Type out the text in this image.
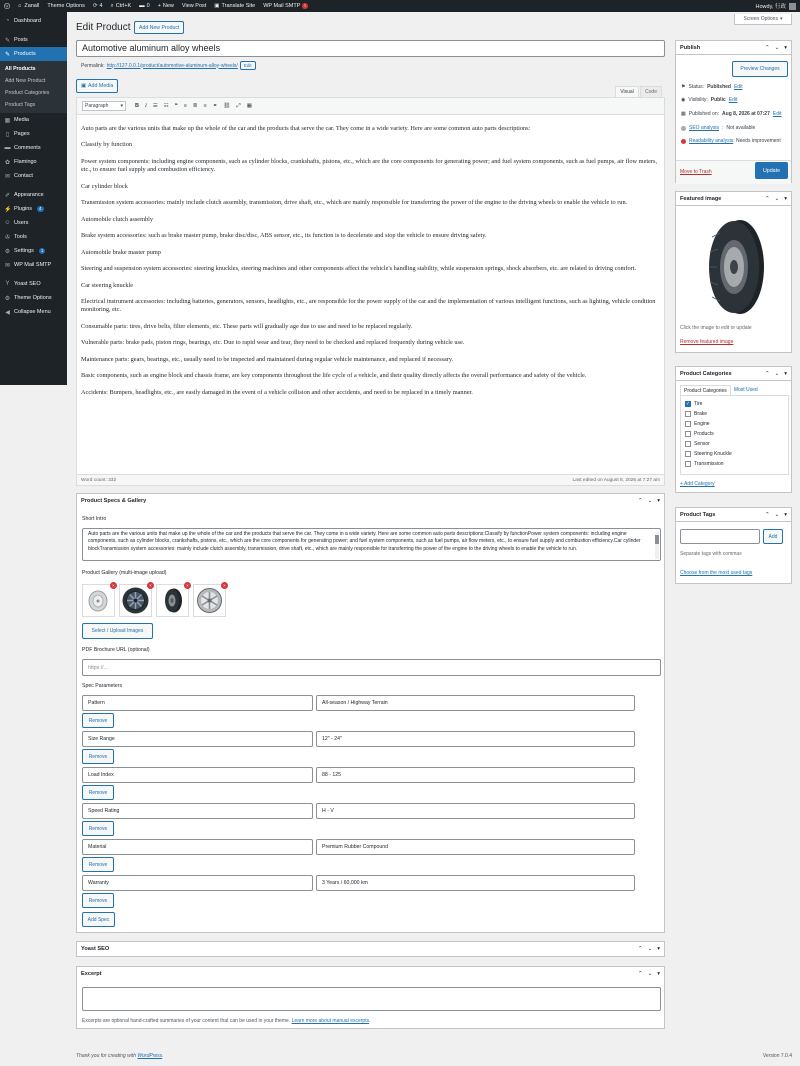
W ⌂ Zanall	Theme Options	⟳ 4 ⌕ Ctrl+K ▬ 0 + New	View Post	▣ Translate Site WP Mail SMTP !	Howdy, 行政
◔ Dashboard
✎ Posts
✎ Products
All Products
Add New Product
Product Categories
Product Tags
▦ Media
▯ Pages
▬ Comments
✿ Flamingo
✉ Contact
✐ Appearance
⚡ Plugins	4
☺ Users
✇ Tools
⚙ Settings	1
✉ WP Mail SMTP
Y Yoast SEO
⚙ Theme Options
◀ Collapse Menu
Screen Options ▾
Edit Product	Add New Product
Automotive aluminum alloy wheels
Permalink: http://127.0.0.1/product/automotive-aluminum-alloy-wheels/	Edit
▣ Add Media
Visual	Code
Paragraph ▾ B I ☰ ☷ ❝ ≡ ≣ ≡ ⚭ ⛓ ⤢ ▦

Auto parts are the various units that make up the whole of the car and the products that serve the car. They come in a wide variety. Here are some common auto parts descriptions:

Classify by function

Power system components: including engine components, such as cylinder blocks, crankshafts, pistons, etc., which are the core components for generating power; and fuel system components, such as fuel pumps, air flow meters, etc., to ensure fuel supply and combustion efficiency.

Car cylinder block

Transmission system accessories: mainly include clutch assembly, transmission, drive shaft, etc., which are mainly responsible for transferring the power of the engine to the driving wheels to enable the vehicle to run.

Automobile clutch assembly

Brake system accessories: such as brake master pump, brake disc/disc, ABS sensor, etc., its function is to decelerate and stop the vehicle to ensure driving safety.

Automobile brake master pump

Steering and suspension system accessories: steering knuckles, steering machines and other components affect the vehicle's handling stability, while suspension springs, shock absorbers, etc. are related to driving comfort.

Car steering knuckle

Electrical instrument accessories: including batteries, generators, sensors, headlights, etc., are responsible for the power supply of the car and the implementation of various intelligent functions, such as lighting, vehicle condition monitoring, etc.

Consumable parts: tires, drive belts, filter elements, etc. These parts will gradually age due to use and need to be replaced regularly.

Vulnerable parts: brake pads, piston rings, bearings, etc. Due to rapid wear and tear, they need to be checked and replaced frequently during vehicle use.

Maintenance parts: gears, bearings, etc., usually need to be inspected and maintained during regular vehicle maintenance, and replaced if necessary.

Basic components, such as engine block and chassis frame, are key components throughout the life cycle of a vehicle, and their quality directly affects the overall performance and safety of the vehicle.

Accidents: Bumpers, headlights, etc., are easily damaged in the event of a vehicle collision and other accidents, and need to be replaced in a timely manner.

Word count: 332	Last edited on August 8, 2026 at 7:27 am
Product Specs & Gallery	⌃ ⌄ ▾
Short Intro
Auto parts are the various units that make up the whole of the car and the products that serve the car. They come in a wide variety. Here are some common auto parts descriptions:Classify by functionPower system components: including engine components, such as cylinder blocks, crankshafts, pistons, etc., which are the core components for generating power; and fuel system components, such as fuel pumps, air flow meters, etc., to ensure fuel supply and combustion efficiency.Car cylinder blockTransmission system accessories: mainly include clutch assembly, transmission, drive shaft, etc., which are mainly responsible for transferring the power of the engine to the driving wheels to enable the vehicle to run.
Product Gallery (multi-image upload)
×	×	×	×
Select / Upload Images
PDF Brochure URL (optional)
https://...
Spec Parameters
Pattern	All-season / Highway Terrain
Remove
Size Range	12" - 24"
Remove
Load Index	88 - 125
Remove
Speed Rating	H - V
Remove
Material	Premium Rubber Compound
Remove
Warranty	3 Years / 60,000 km
Remove
Add Spec
Yoast SEO	⌃ ⌄ ▾
Excerpt	⌃ ⌄ ▾
Excerpts are optional hand-crafted summaries of your content that can be used in your theme. Learn more about manual excerpts.
Publish	⌃ ⌄ ▾
Preview Changes
⚑ Status: Published Edit
◉ Visibility: Public Edit
▦ Published on: Aug 8, 2026 at 07:27 Edit
SEO analysis : Not available
Readability analysis: Needs improvement
Move to Trash	Update
Featured image	⌃ ⌄ ▾
Click the image to edit or update
Remove featured image
Product Categories	⌃ ⌄ ▾
Product Categories	Most Used
✓ Tire
Brake
Engine
Products
Sensor
Steering Knuckle
Transmission
+ Add Category
Product Tags	⌃ ⌄ ▾
Add
Separate tags with commas
Choose from the most used tags
Thank you for creating with WordPress.	Version 7.0.4
